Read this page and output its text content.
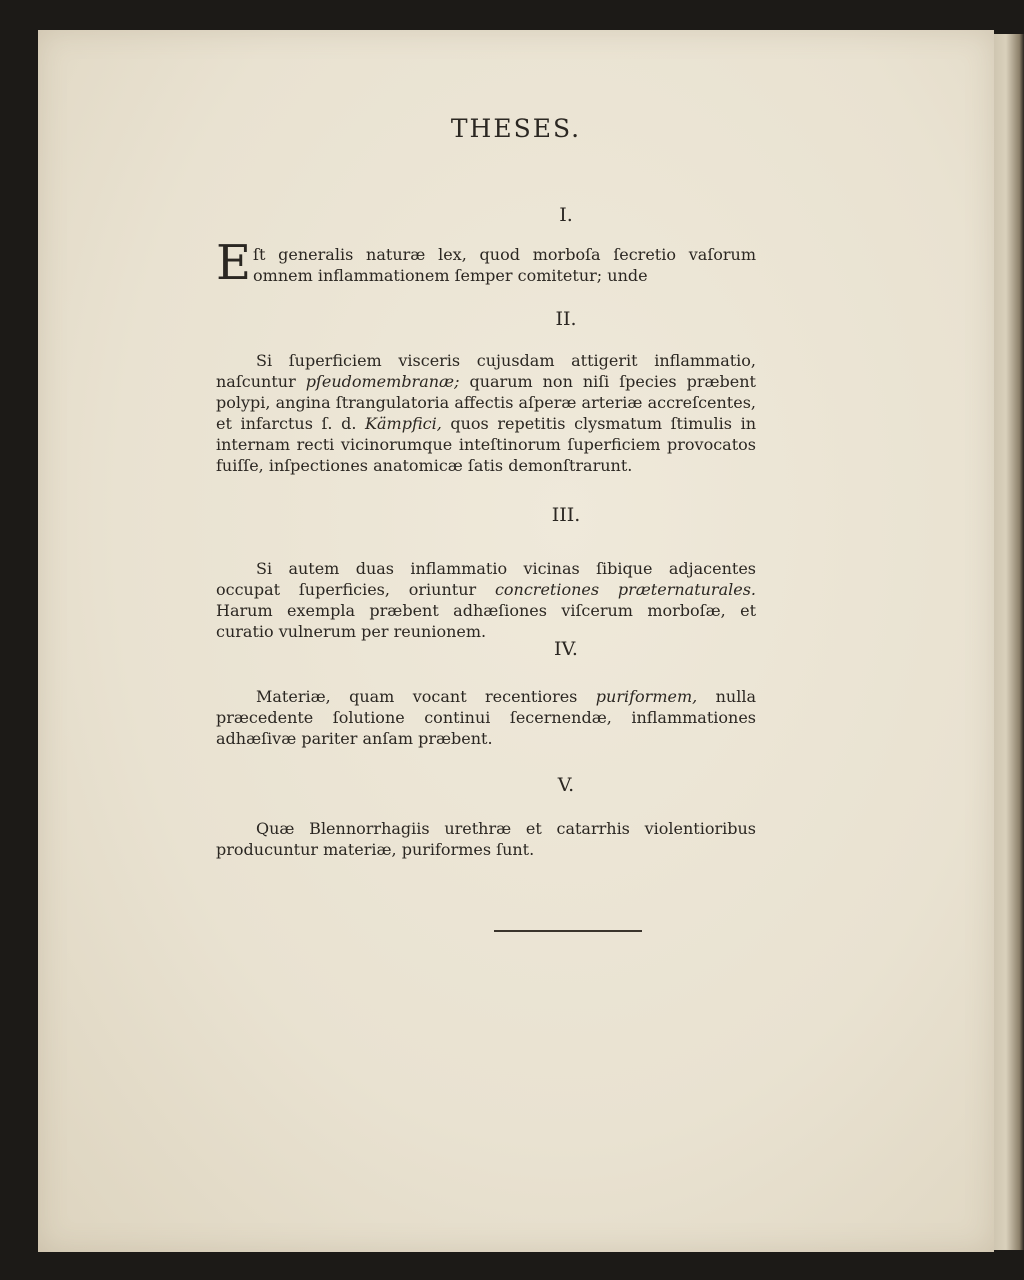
THESES.
I.
Eſt generalis naturæ lex, quod morboſa ſecretio vaſorum omnem inflammationem ſemper comitetur; unde
II.
Si ſuperficiem visceris cujusdam attigerit inflammatio, naſcuntur pſeudomembranæ; quarum non niſi ſpecies præbent polypi, angina ſtrangulatoria affectis aſperæ arteriæ accreſcentes, et infarctus ſ. d. Kämpfici, quos repetitis clysmatum ſtimulis in internam recti vicinorumque inteſtinorum ſuperficiem provocatos fuiſſe, inſpectiones anatomicæ ſatis demonſtrarunt.
III.
Si autem duas inflammatio vicinas ſibique adjacentes occupat ſuperficies, oriuntur concretiones præternaturales. Harum exempla præbent adhæſiones viſcerum morboſæ, et curatio vulnerum per reunionem.
IV.
Materiæ, quam vocant recentiores puriformem, nulla præcedente ſolutione continui ſecernendæ, inflammationes adhæſivæ pariter anſam præbent.
V.
Quæ Blennorrhagiis urethræ et catarrhis violentioribus producuntur materiæ, puriformes ſunt.
